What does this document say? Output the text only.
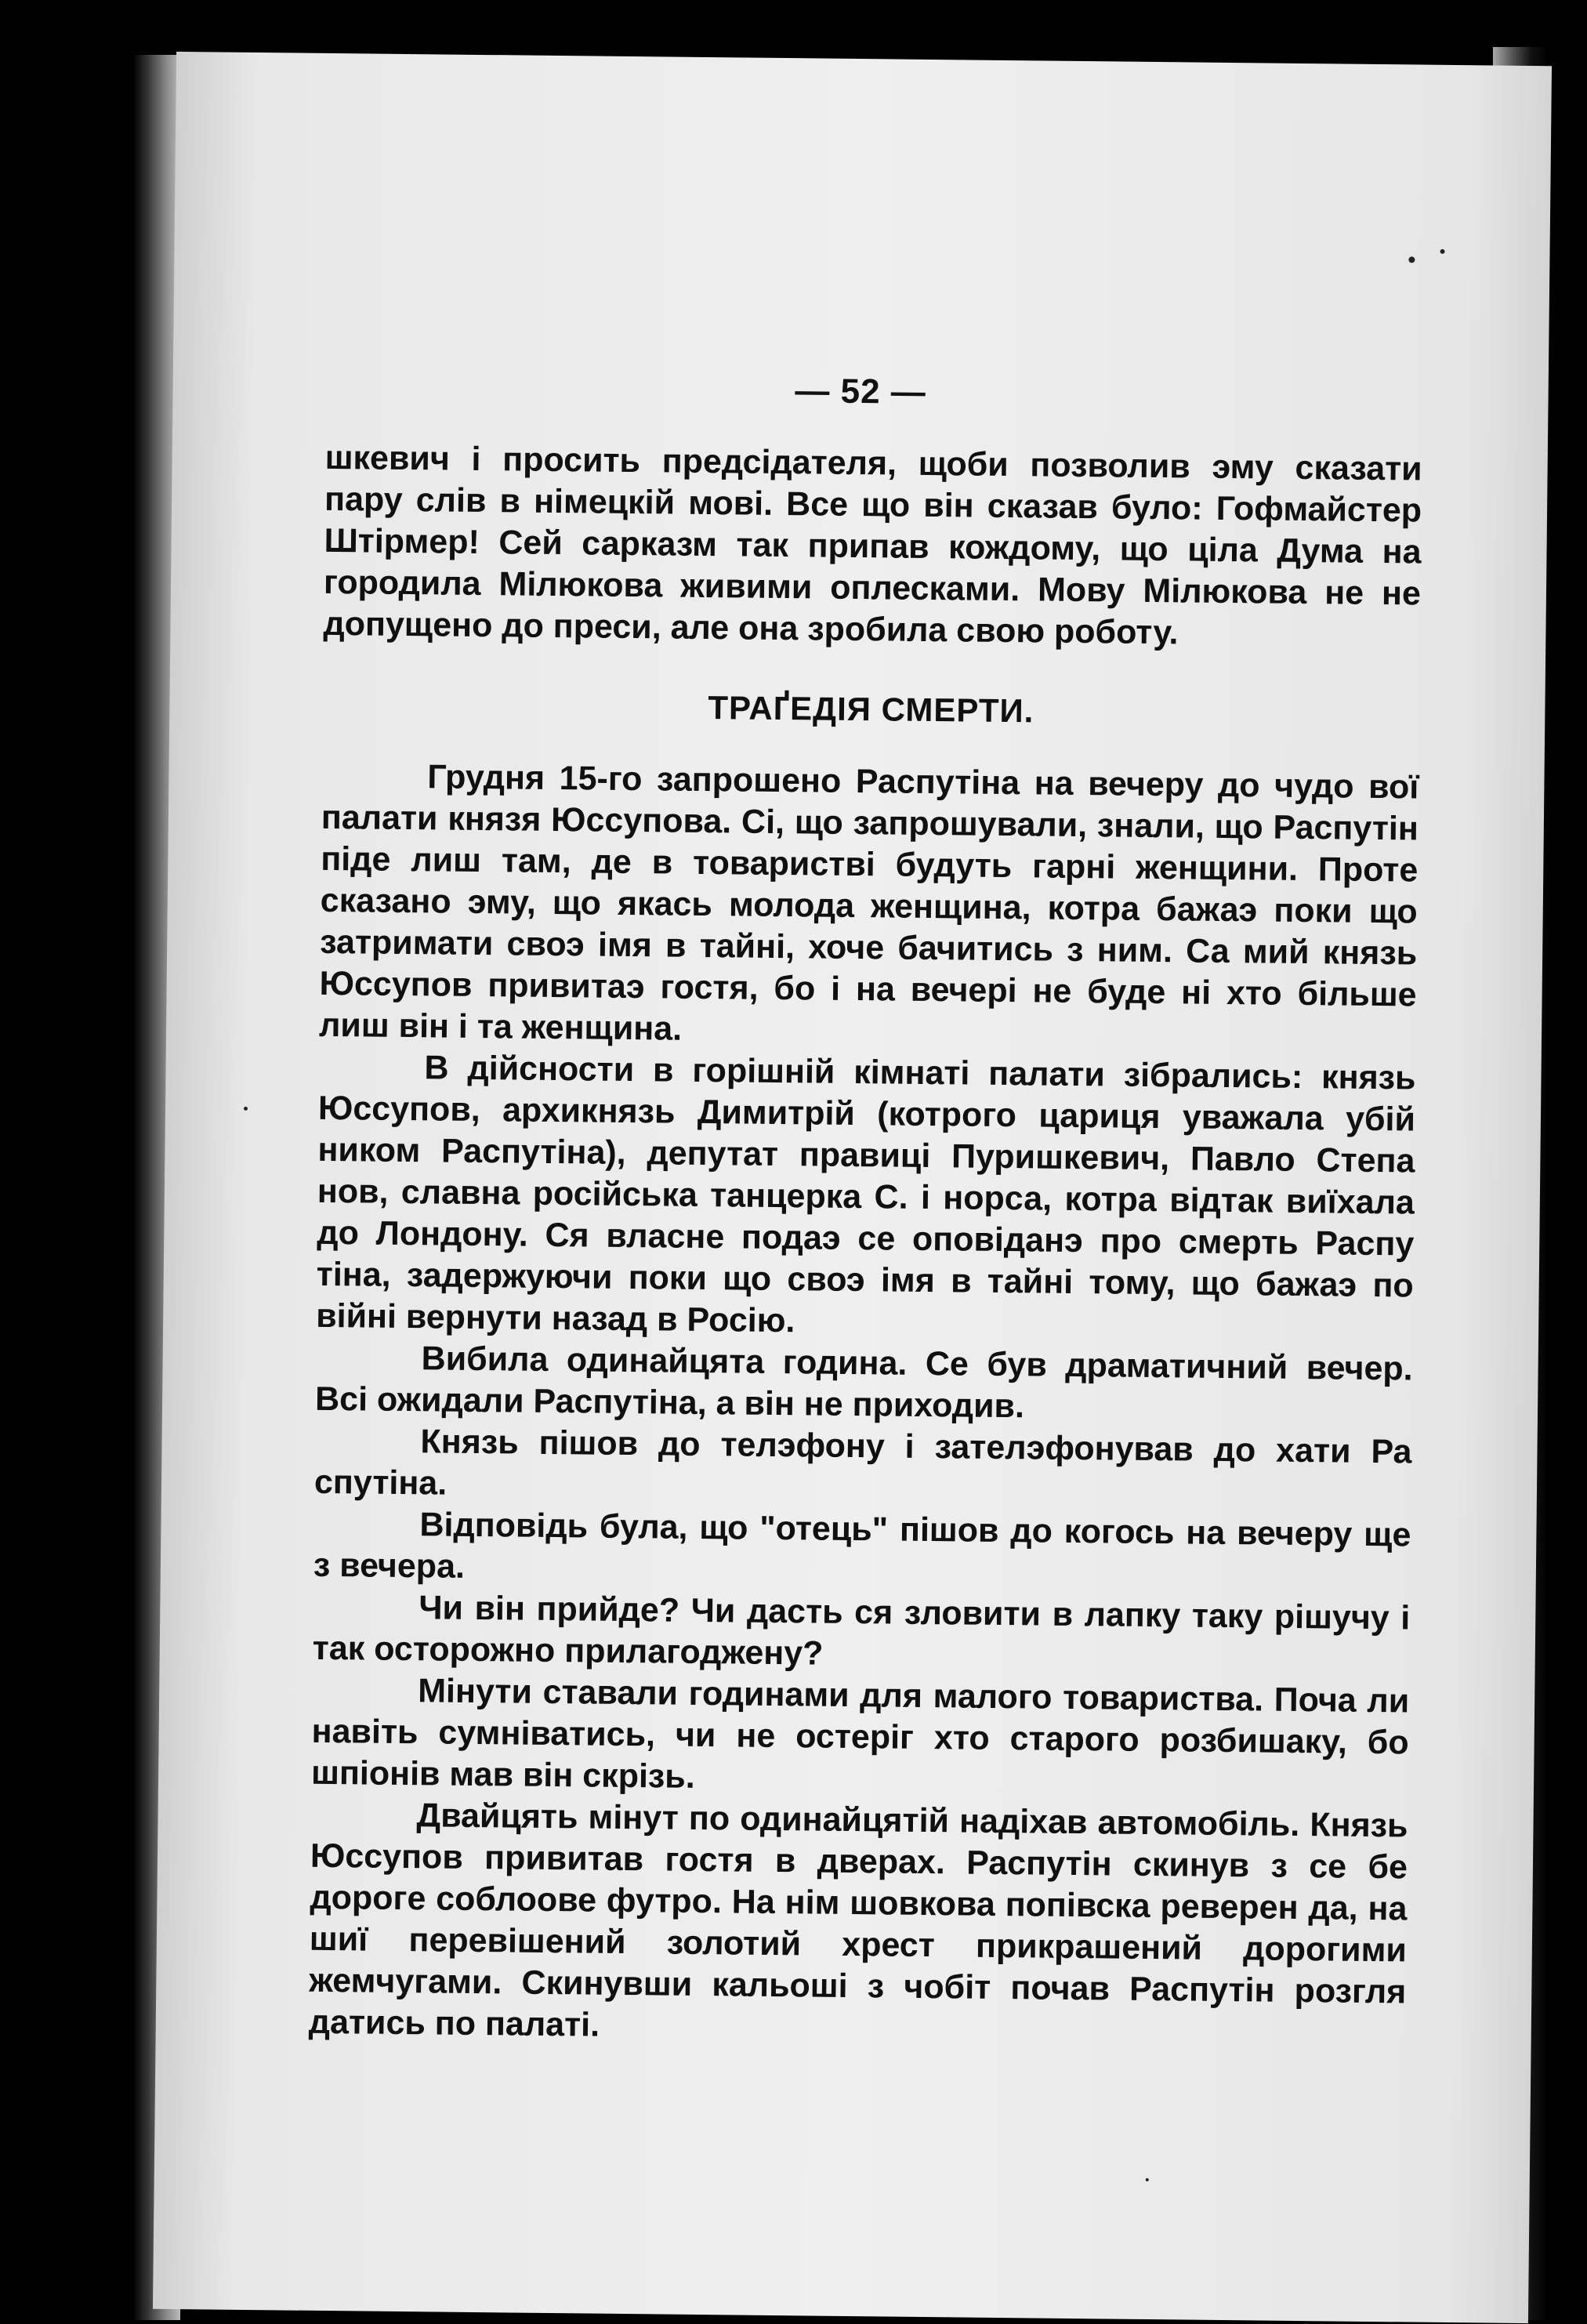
— 52 —

шкевич і просить предсідателя, щоби позволив эму сказати пару слів в німецкій мові. Все що він сказав було: Гофмайстер Штірмер! Сей сарказм так припав кождому, що ціла Дума на городила Мілюкова живими оплесками. Мову Мілюкова не не допущено до преси, але она зробила свою роботу.

ТРАҐЕДІЯ СМЕРТИ.

Грудня 15-го запрошено Распутіна на вечеру до чудо вої палати князя Юссупова. Сі, що запрошували, знали, що Распутін піде лиш там, де в товаристві будуть гарні женщини. Проте сказано эму, що якась молода женщина, котра бажаэ поки що затримати своэ імя в тайні, хоче бачитись з ним. Са мий князь Юссупов привитаэ гостя, бо і на вечері не буде ні хто більше лиш він і та женщина.

В дійсности в горішній кімнаті палати зібрались: князь Юссупов, архикнязь Димитрій (котрого цариця уважала убій ником Распутіна), депутат правиці Пуришкевич, Павло Степа нов, славна російська танцерка С. і норса, котра відтак виїхала до Лондону. Ся власне подаэ се оповіданэ про смерть Распу тіна, задержуючи поки що своэ імя в тайні тому, що бажаэ по війні вернути назад в Росію.

Вибила одинайцята година. Се був драматичний вечер. Всі ожидали Распутіна, а він не приходив.

Князь пішов до телэфону і зателэфонував до хати Ра спутіна.

Відповідь була, що "отець" пішов до когось на вечеру ще з вечера.

Чи він прийде? Чи дасть ся зловити в лапку таку рішучу і так осторожно прилагоджену?

Мінути ставали годинами для малого товариства. Поча ли навіть сумніватись, чи не остеріг хто старого розбишаку, бо шпіонів мав він скрізь.

Двайцять мінут по одинайцятій надіхав автомобіль. Князь Юссупов привитав гостя в дверах. Распутін скинув з се бе дороге соблоове футро. На нім шовкова попівска реверен да, на шиї перевішений золотий хрест прикрашений дорогими жемчугами. Скинувши кальоші з чобіт почав Распутін розгля датись по палаті.
